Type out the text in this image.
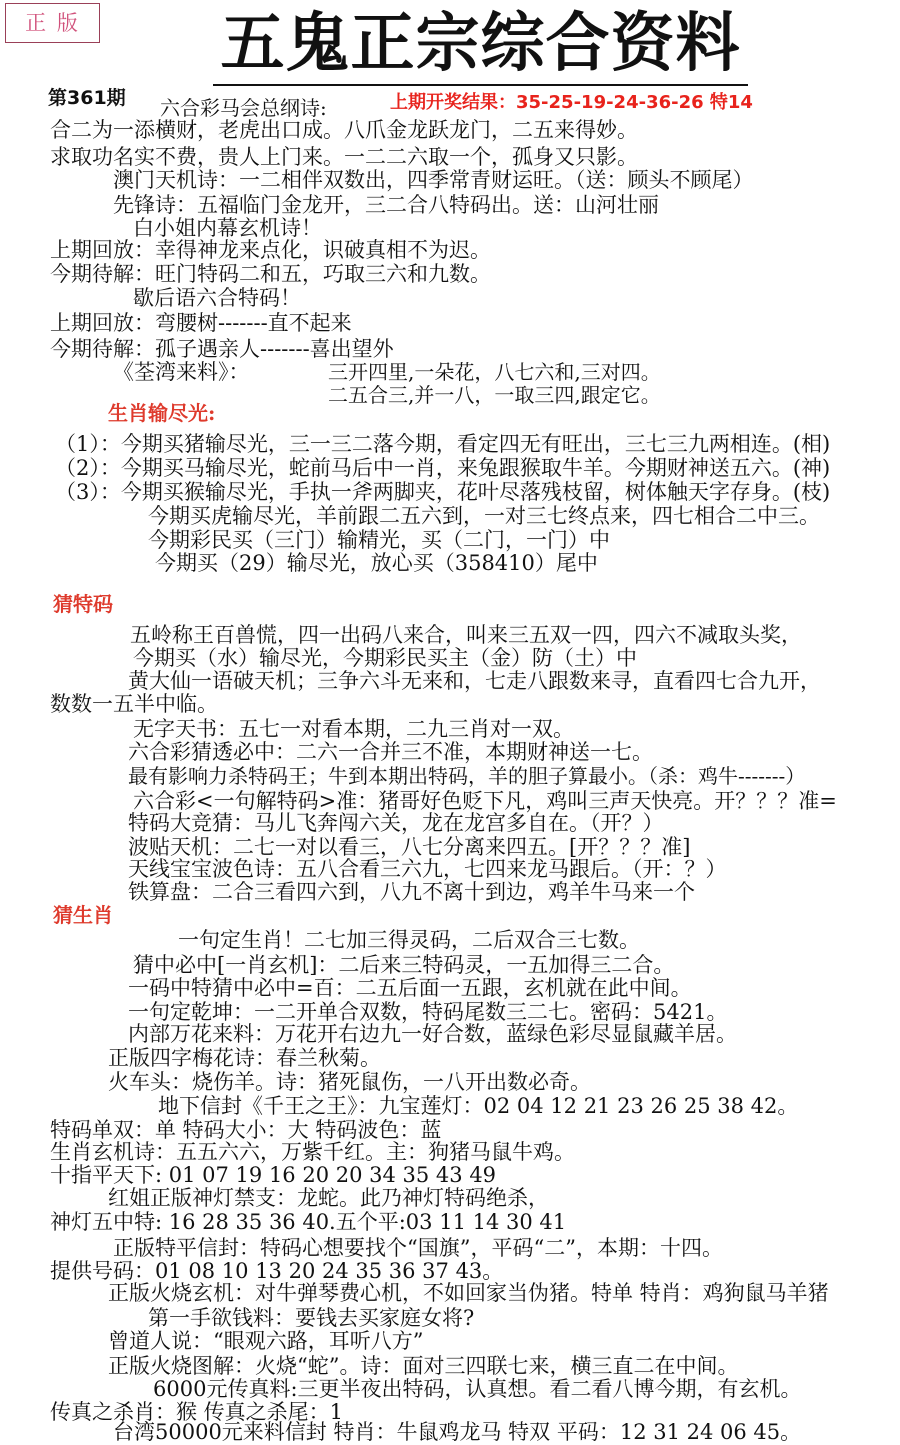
正 版	五鬼正宗综合资料
第361期 六合彩马会总纲诗:	上期开奖结果：35-25-19-24-36-26 特14
合二为一添横财，老虎出口成。八爪金龙跃龙门，二五来得妙。
求取功名实不费，贵人上门来。一二二六取一个，孤身又只影。
澳门天机诗：一二相伴双数出，四季常青财运旺。（送：顾头不顾尾）
先锋诗：五福临门金龙开，三二合八特码出。送：山河壮丽
白小姐内幕玄机诗！
上期回放：幸得神龙来点化，识破真相不为迟。
今期待解：旺门特码二和五，巧取三六和九数。
歇后语六合特码！
上期回放：弯腰树-------直不起来
今期待解：孤子遇亲人-------喜出望外
《荃湾来料》：	三开四里,一朵花，八七六和,三对四。
二五合三,并一八，一取三四,跟定它。
生肖输尽光:
（1）：今期买猪输尽光，三一三二落今期，看定四无有旺出，三七三九两相连。(相)
（2）：今期买马输尽光，蛇前马后中一肖，来兔跟猴取牛羊。今期财神送五六。(神)
（3）：今期买猴输尽光，手执一斧两脚夹，花叶尽落残枝留，树体触天字存身。(枝)
今期买虎输尽光，羊前跟二五六到，一对三七终点来，四七相合二中三。
今期彩民买（三门）输精光，买（二门，一门）中
今期买（29）输尽光，放心买（358410）尾中
猜特码
五岭称王百兽慌，四一出码八来合，叫来三五双一四，四六不减取头奖，
今期买（水）输尽光，今期彩民买主（金）防（土）中
黄大仙一语破天机；三争六斗无来和，七走八跟数来寻，直看四七合九开，
数数一五半中临。
无字天书：五七一对看本期，二九三肖对一双。
六合彩猜透必中：二六一合并三不准，本期财神送一七。
最有影响力杀特码王；牛到本期出特码，羊的胆子算最小。（杀：鸡牛-------）
六合彩<一句解特码>准：猪哥好色贬下凡，鸡叫三声天快亮。开？？？准=
特码大竞猜：马儿飞奔闯六关，龙在龙宫多自在。（开？）
波贴天机：二七一对以看三，八七分离来四五。[开？？？准]
天线宝宝波色诗：五八合看三六九，七四来龙马跟后。（开：？）
铁算盘：二合三看四六到，八九不离十到边，鸡羊牛马来一个
猜生肖
一句定生肖！二七加三得灵码，二后双合三七数。
猜中必中[一肖玄机]：二后来三特码灵，一五加得三二合。
一码中特猜中必中=百：二五后面一五跟，玄机就在此中间。
一句定乾坤：一二开单合双数，特码尾数三二七。密码：5421。
内部万花来料：万花开右边九一好合数，蓝绿色彩尽显鼠藏羊居。
正版四字梅花诗：春兰秋菊。
火车头：烧伤羊。诗：猪死鼠伤，一八开出数必奇。
地下信封《千王之王》：九宝莲灯：02 04 12 21 23 26 25 38 42。
特码单双：单 特码大小：大 特码波色：蓝
生肖玄机诗：五五六六，万紫千红。主：狗猪马鼠牛鸡。
十指平天下: 01 07 19 16 20 20 34 35 43 49
红姐正版神灯禁支：龙蛇。此乃神灯特码绝杀，
神灯五中特: 16 28 35 36 40.五个平:03 11 14 30 41
正版特平信封：特码心想要找个“国旗”，平码“二”，本期：十四。
提供号码：01 08 10 13 20 24 35 36 37 43。
正版火烧玄机：对牛弹琴费心机，不如回家当伪猪。特单 特肖：鸡狗鼠马羊猪
第一手欲钱料：要钱去买家庭女将?
曾道人说：“眼观六路，耳听八方”
正版火烧图解：火烧“蛇”。诗：面对三四联七来，横三直二在中间。
6000元传真料:三更半夜出特码，认真想。看二看八博今期，有玄机。
传真之杀肖：猴 传真之杀尾：1
台湾50000元来料信封 特肖：牛鼠鸡龙马 特双 平码：12 31 24 06 45。
